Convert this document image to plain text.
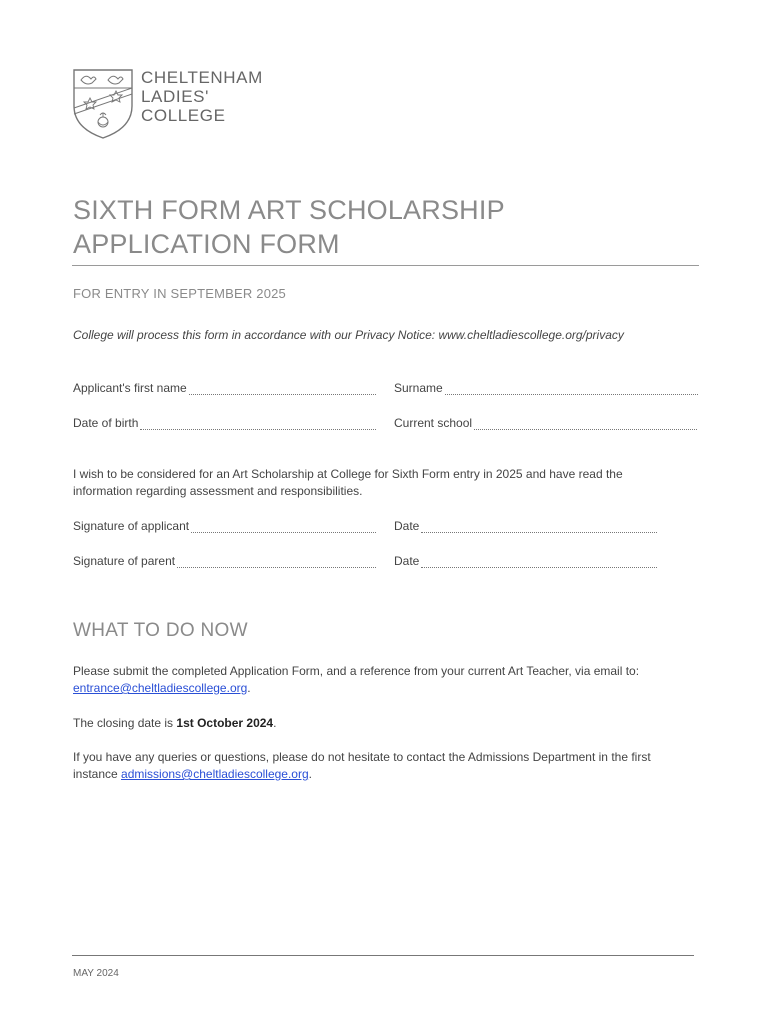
CHELTENHAM
LADIES'
COLLEGE
SIXTH FORM ART SCHOLARSHIP
APPLICATION FORM
FOR ENTRY IN SEPTEMBER 2025
College will process this form in accordance with our Privacy Notice: www.cheltladiescollege.org/privacy
Applicant's first name	Surname
Date of birth	Current school
I wish to be considered for an Art Scholarship at College for Sixth Form entry in 2025 and have read the information regarding assessment and responsibilities.
Signature of applicant	Date
Signature of parent	Date
WHAT TO DO NOW
Please submit the completed Application Form, and a reference from your current Art Teacher, via email to:
entrance@cheltladiescollege.org.
The closing date is 1st October 2024.
If you have any queries or questions, please do not hesitate to contact the Admissions Department in the first instance admissions@cheltladiescollege.org.
MAY 2024
